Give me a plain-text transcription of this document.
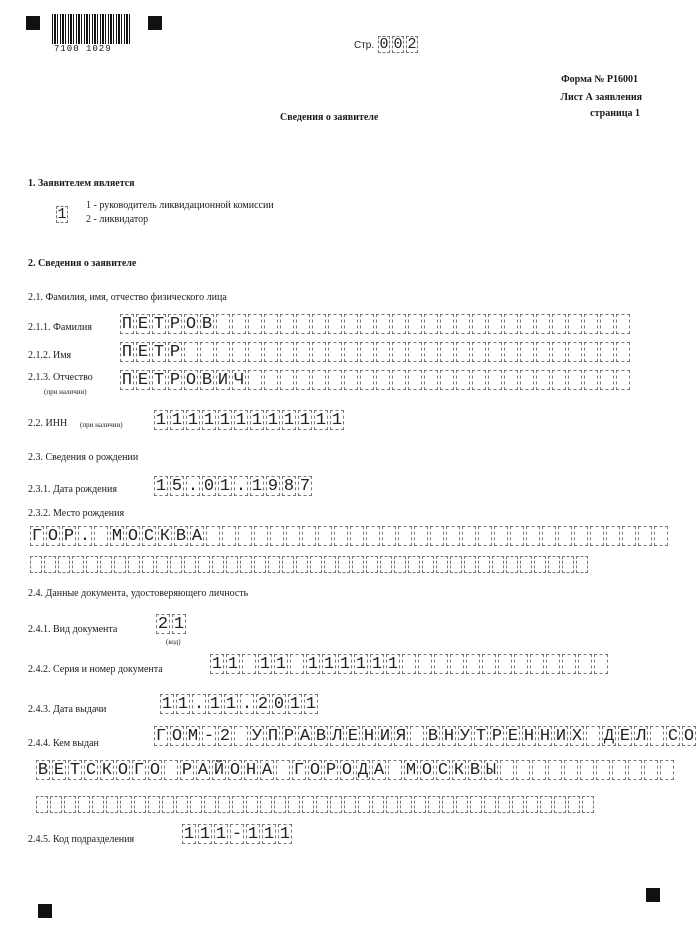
7100 1029	Стр. 0 0 2
Форма № Р16001
Лист А заявления
страница 1
Сведения о заявителе
1. Заявителем является
1
1 - руководитель ликвидационной комиссии
2 - ликвидатор
2. Сведения о заявителе
2.1. Фамилия, имя, отчество физического лица
2.1.1. Фамилия П Е Т Р О В
2.1.2. Имя	П Е Т Р
2.1.3. Отчество
(при наличии)
П Е Т Р О В И Ч
2.2. ИНН (при наличии) 1 1 1 1 1 1 1 1 1 1 1 1
2.3. Сведения о рождении
2.3.1. Дата рождения 1 5 . 0 1 . 1 9 8 7
2.3.2. Место рождения
Г О Р . М О С К В А
2.4. Данные документа, удостоверяющего личность
2.4.1. Вид документа 2 1
(код)
2.4.2. Серия и номер документа	1 1 1 1 1 1 1 1 1 1
2.4.3. Дата выдачи	1 1 . 1 1 . 2 0 1 1
2.4.4. Кем выдан	Г О М - 2 У П Р А В Л Е Н И Я В Н У Т Р Е Н Н И Х Д Е Л С О
В Е Т С К О Г О Р А Й О Н А Г О Р О Д А М О С К В Ы
2.4.5. Код подразделения	1 1 1 - 1 1 1
